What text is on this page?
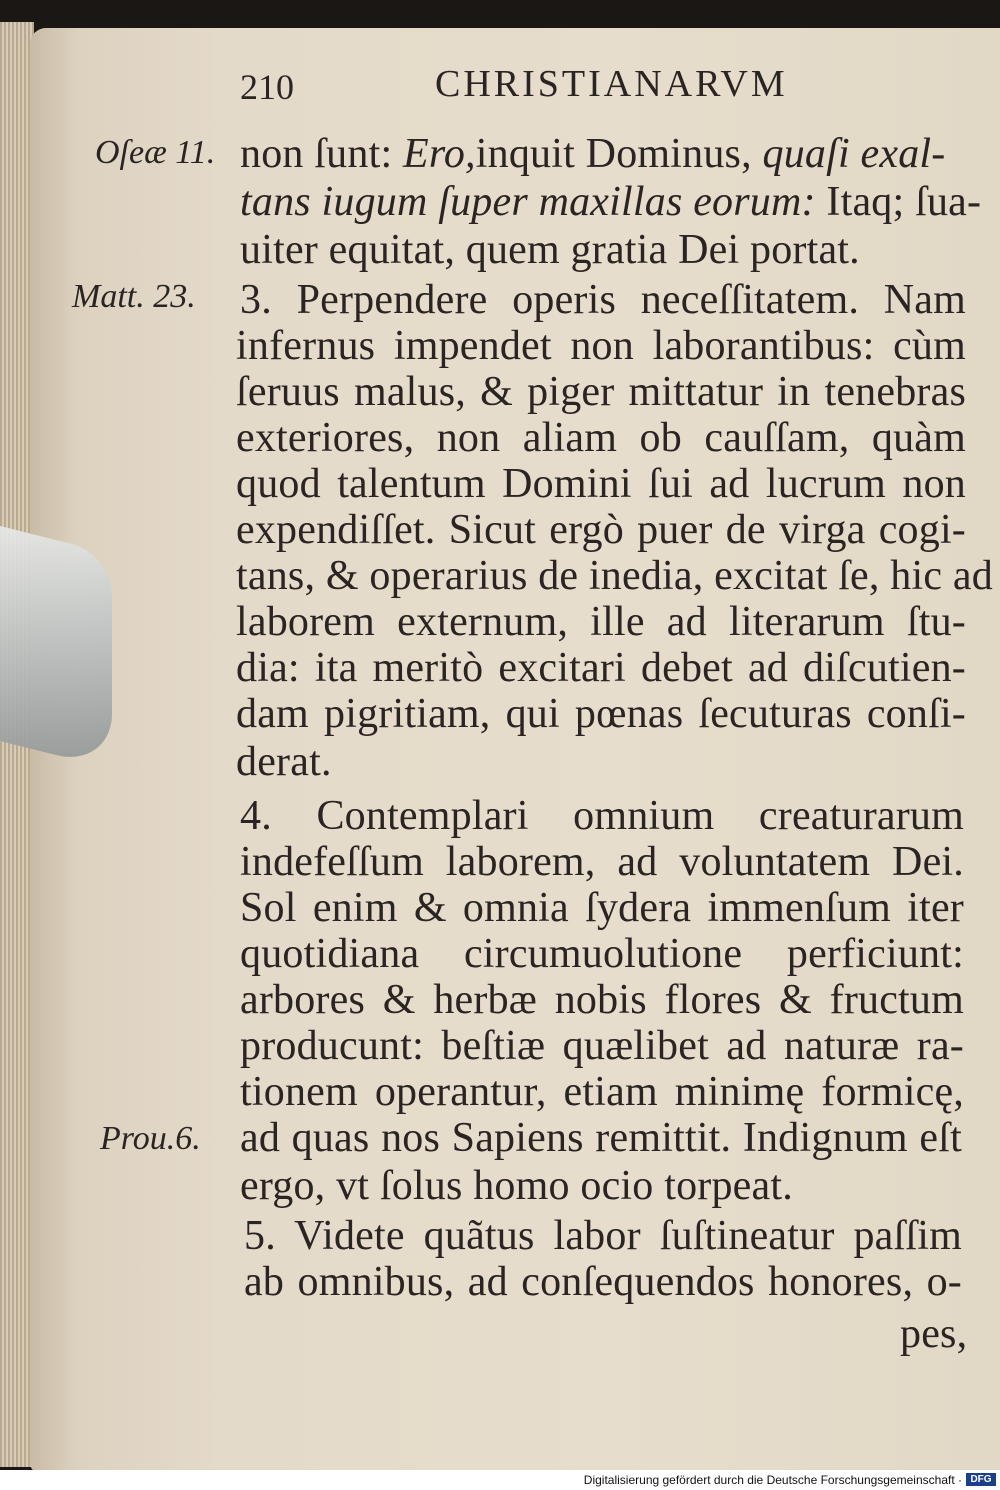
210	CHRISTIANARVM
Oſeæ 11.
Matt. 23.
Prou.6.
non ſunt: Ero,inquit Dominus, quaſi exal-
tans iugum ſuper maxillas eorum: Itaq; ſua-
uiter equitat, quem gratia Dei portat.
3. Perpendere operis neceſſitatem. Nam
infernus impendet non laborantibus: cùm
ſeruus malus, & piger mittatur in tenebras
exteriores, non aliam ob cauſſam, quàm
quod talentum Domini ſui ad lucrum non
expendiſſet. Sicut ergò puer de virga cogi-
tans, & operarius de inedia, excitat ſe, hic ad
laborem externum, ille ad literarum ſtu-
dia: ita meritò excitari debet ad diſcutien-
dam pigritiam, qui pœnas ſecuturas conſi-
derat.
4. Contemplari omnium creaturarum
indefeſſum laborem, ad voluntatem Dei.
Sol enim & omnia ſydera immenſum iter
quotidiana circumuolutione perficiunt:
arbores & herbæ nobis flores & fructum
producunt: beſtiæ quælibet ad naturæ ra-
tionem operantur, etiam minimę formicę,
ad quas nos Sapiens remittit. Indignum eſt
ergo, vt ſolus homo ocio torpeat.
5. Videte quãtus labor ſuſtineatur paſſim
ab omnibus, ad conſequendos honores, o-
pes,
Digitalisierung gefördert durch die Deutsche Forschungsgemeinschaft · DFG
